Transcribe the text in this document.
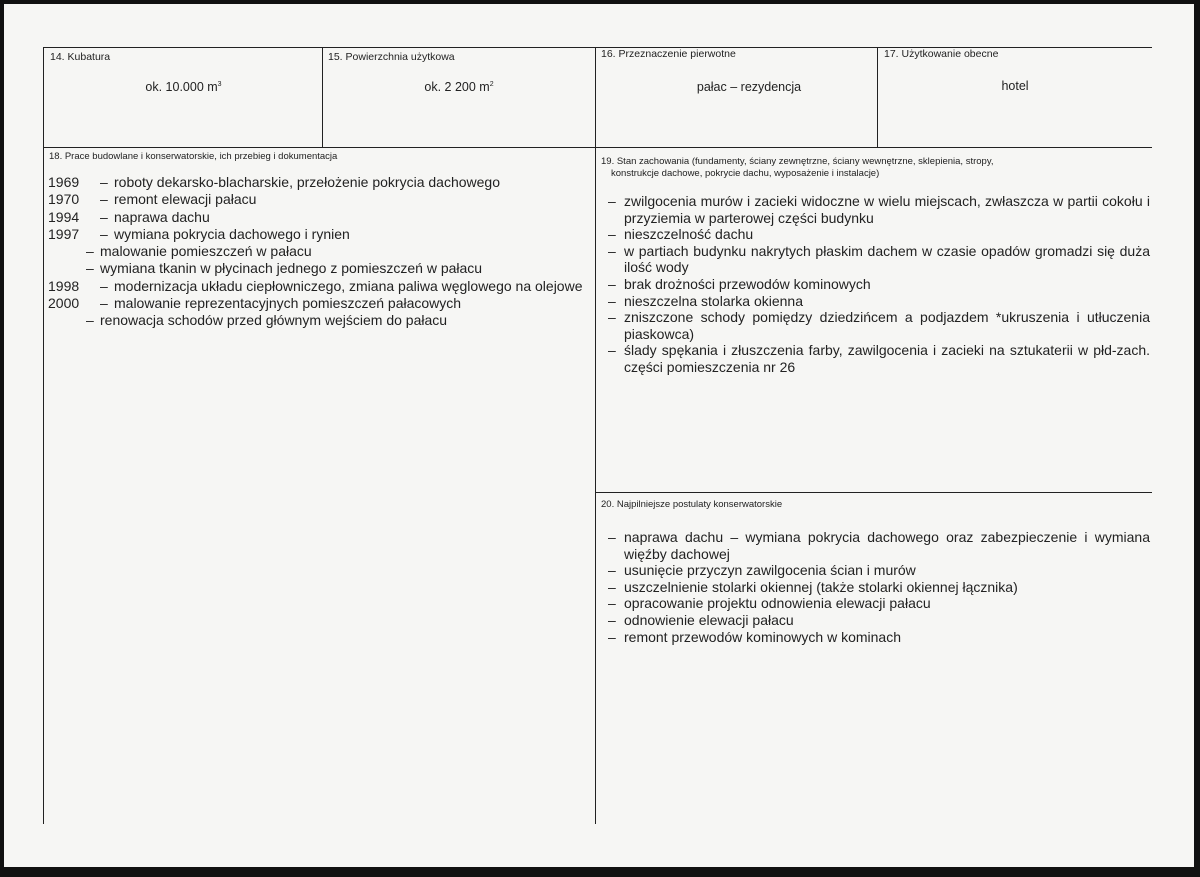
14. Kubatura
ok. 10.000 $m^3$
15. Powierzchnia użytkowa
ok. 2 200 $m^2$
16. Przeznaczenie pierwotne
pałac – rezydencja
17. Użytkowanie obecne
hotel
18. Prace budowlane i konserwatorskie, ich przebieg i dokumentacja
1969	– roboty dekarsko-blacharskie, przełożenie pokrycia dachowego
1970	– remont elewacji pałacu
1994	– naprawa dachu
1997	– wymiana pokrycia dachowego i rynien
– malowanie pomieszczeń w pałacu
– wymiana tkanin w płycinach jednego z pomieszczeń w pałacu
1998	– modernizacja układu ciepłowniczego, zmiana paliwa węglowego na olejowe
2000	– malowanie reprezentacyjnych pomieszczeń pałacowych
– renowacja schodów przed głównym wejściem do pałacu
19. Stan zachowania (fundamenty, ściany zewnętrzne, ściany wewnętrzne, sklepienia, stropy,
konstrukcje dachowe, pokrycie dachu, wyposażenie i instalacje)
– zwilgocenia murów i zacieki widoczne w wielu miejscach, zwłaszcza w partii cokołu i przyziemia w parterowej części budynku
– nieszczelność dachu
– w partiach budynku nakrytych płaskim dachem w czasie opadów gromadzi się duża ilość wody
– brak drożności przewodów kominowych
– nieszczelna stolarka okienna
– zniszczone schody pomiędzy dziedzińcem a podjazdem *ukruszenia i utłuczenia piaskowca)
– ślady spękania i złuszczenia farby, zawilgocenia i zacieki na sztukaterii w płd-zach. części pomieszczenia nr 26
20. Najpilniejsze postulaty konserwatorskie
– naprawa dachu – wymiana pokrycia dachowego oraz zabezpieczenie i wymiana więźby dachowej
– usunięcie przyczyn zawilgocenia ścian i murów
– uszczelnienie stolarki okiennej (także stolarki okiennej łącznika)
– opracowanie projektu odnowienia elewacji pałacu
– odnowienie elewacji pałacu
– remont przewodów kominowych w kominach
